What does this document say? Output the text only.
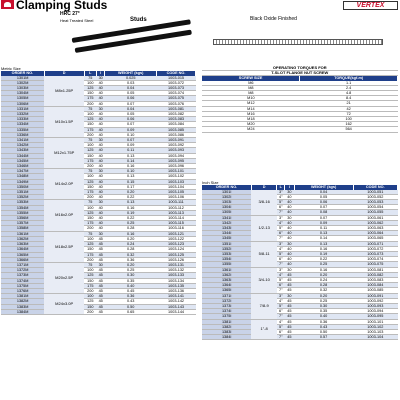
Clamping Studs	VERTEX
HRC 27°
Heat Treated Steel	Studs	Black Oxide Finished
Metric Size
ORDER NO.	D	L	l	WEIGHT (kgs)	CODE NO.
1301M	M8x1.25P	75	30	0.025	1003-015
1302M		100	40	0.03	1003-072
1303M		125	40	0.04	1003-073
1304M		150	40	0.05	1003-074
1305M		175	40	0.06	1003-075
1306M		200	40	0.07	1003-076
1331M	M10x1.5P	75	30	0.04	1003-081
1332M		100	40	0.05	1003-082
1333M		125	40	0.06	1003-083
1334M		150	40	0.07	1003-084
1335M		175	40	0.09	1003-085
1336M		200	40	0.10	1003-086
1341M	M12x1.75P	75	30	0.07	1003-091
1342M		100	40	0.09	1003-092
1343M		125	40	0.11	1003-093
1344M		150	40	0.13	1003-094
1345M		175	40	0.14	1003-095
1346M		200	40	0.16	1003-096
1347M	M14x2.0P	75	30	0.10	1003-101
1348M		100	40	0.13	1003-102
1349M		125	40	0.15	1003-103
1350M		150	40	0.17	1003-104
1351M		175	40	0.20	1003-105
1352M		200	40	0.22	1003-106
1353M	M16x2.0P	75	30	0.13	1003-111
1354M		100	40	0.16	1003-112
1355M		125	40	0.19	1003-113
1356M		150	40	0.22	1003-114
1357M		175	40	0.25	1003-115
1358M		200	40	0.28	1003-116
1361M	M18x2.5P	75	30	0.16	1003-121
1362M		100	45	0.20	1003-122
1363M		125	45	0.24	1003-123
1364M		150	45	0.28	1003-124
1365M		175	45	0.32	1003-125
1366M		200	45	0.36	1003-126
1371M	M20x2.5P	75	30	0.20	1003-131
1372M		100	45	0.25	1003-132
1373M		125	45	0.30	1003-133
1374M		150	45	0.35	1003-134
1375M		175	45	0.40	1003-135
1376M		200	45	0.45	1003-136
1381M	M24x3.0P	100	45	0.36	1003-141
1382M		125	45	0.43	1003-142
1383M		150	45	0.50	1003-143
1384M		200	45	0.65	1003-144
OPERATING TORQUES FOR	
T-SLOT FLANGE NUT SCREW	
SCREW SIZE	TORQUE(kgf-m)
M6	1.1
M8	2.4
M8	4.8
M10	8.4
M12	21
M14	42
M16	72
M18	100
M20	162
M24	564
Inch Size
ORDER NO.	D	L	l	WEIGHT (kgs)	CODE NO.
1301I	3/8-16	3"	30	0.04	1003-051
1302I		4"	40	0.05	1003-052
1303I		5"	40	0.06	1003-053
1304I		6"	40	0.07	1003-054
1305I		7"	40	0.08	1003-055
1341I	1/2-13	3"	30	0.07	1003-061
1342I		4"	40	0.09	1003-062
1343I		5"	40	0.11	1003-063
1344I		6"	40	0.13	1003-064
1345I		7"	40	0.14	1003-065
1351I	5/8-11	3"	30	0.13	1003-071
1352I		4"	40	0.16	1003-072
1353I		5"	40	0.19	1003-073
1354I		6"	40	0.22	1003-074
1355I		7"	40	0.25	1003-075
1361I	3/4-10	3"	30	0.16	1003-081
1362I		4"	45	0.20	1003-082
1363I		5"	45	0.24	1003-083
1364I		6"	45	0.28	1003-084
1365I		7"	45	0.32	1003-085
1371I	7/8-9	3"	30	0.20	1003-091
1372I		4"	45	0.25	1003-092
1373I		5"	45	0.30	1003-093
1374I		6"	45	0.35	1003-094
1375I		7"	45	0.40	1003-095
1381I	1"-8	4"	45	0.36	1003-101
1382I		5"	45	0.43	1003-102
1383I		6"	45	0.50	1003-103
1384I		7"	45	0.57	1003-104
